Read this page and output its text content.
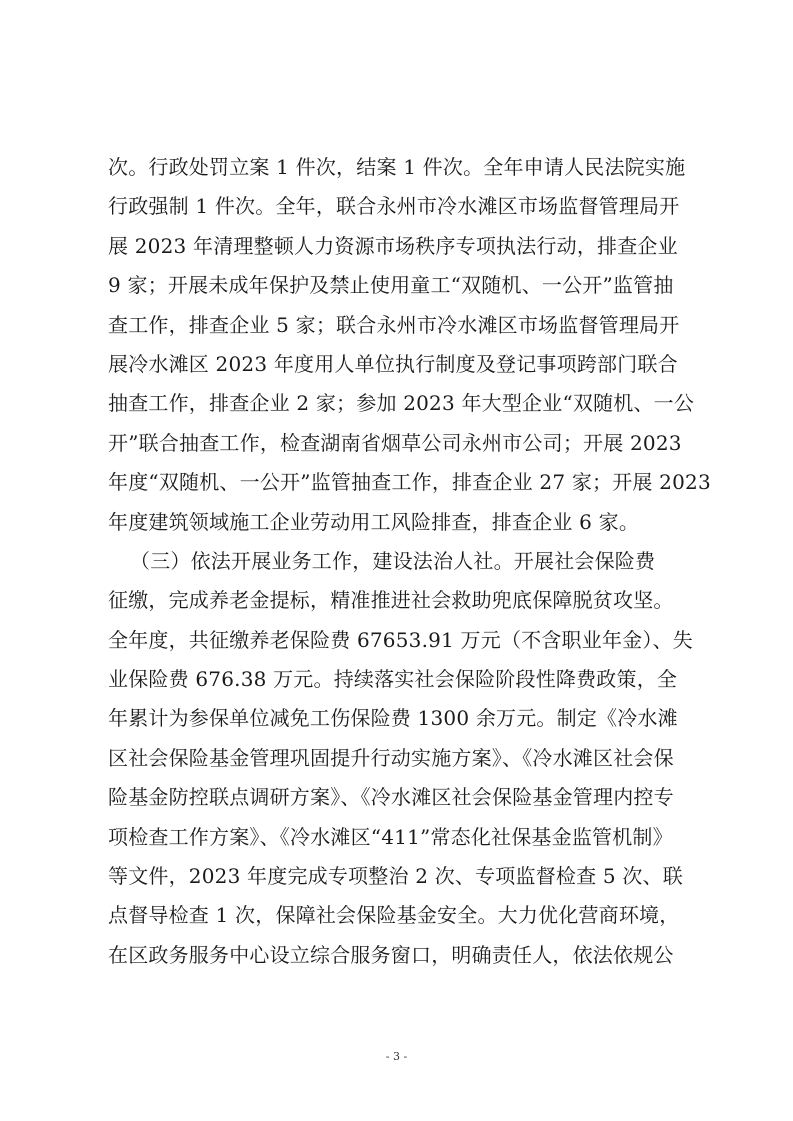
次。行政处罚立案 1 件次，结案 1 件次。全年申请人民法院实施
行政强制 1 件次。全年，联合永州市冷水滩区市场监督管理局开
展 2023 年清理整顿人力资源市场秩序专项执法行动，排查企业
9 家；开展未成年保护及禁止使用童工“双随机、一公开”监管抽
查工作，排查企业 5 家；联合永州市冷水滩区市场监督管理局开
展冷水滩区 2023 年度用人单位执行制度及登记事项跨部门联合
抽查工作，排查企业 2 家；参加 2023 年大型企业“双随机、一公
开”联合抽查工作，检查湖南省烟草公司永州市公司；开展 2023
年度“双随机、一公开”监管抽查工作，排查企业 27 家；开展 2023
年度建筑领域施工企业劳动用工风险排查，排查企业 6 家。
（三）依法开展业务工作，建设法治人社。开展社会保险费
征缴，完成养老金提标，精准推进社会救助兜底保障脱贫攻坚。
全年度，共征缴养老保险费 67653.91 万元（不含职业年金）、失
业保险费 676.38 万元。持续落实社会保险阶段性降费政策，全
年累计为参保单位减免工伤保险费 1300 余万元。制定《冷水滩
区社会保险基金管理巩固提升行动实施方案》、《冷水滩区社会保
险基金防控联点调研方案》、《冷水滩区社会保险基金管理内控专
项检查工作方案》、《冷水滩区“411”常态化社保基金监管机制》
等文件，2023 年度完成专项整治 2 次、专项监督检查 5 次、联
点督导检查 1 次，保障社会保险基金安全。大力优化营商环境，
在区政务服务中心设立综合服务窗口，明确责任人，依法依规公
- 3 -
